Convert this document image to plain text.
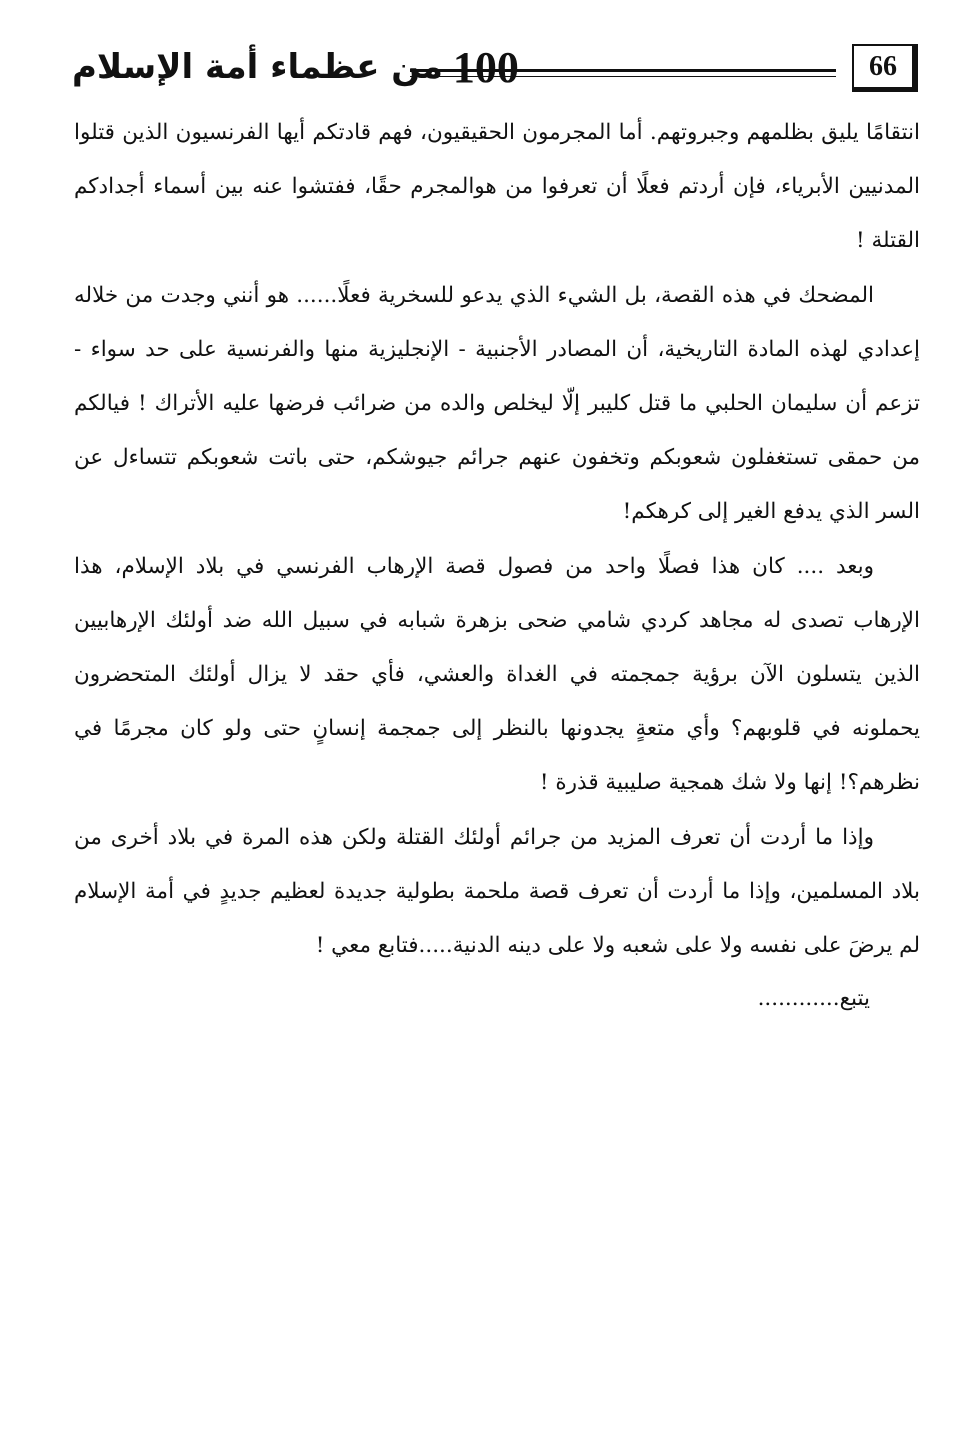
100
من عظماء أمة الإسلام	66

انتقامًا يليق بظلمهم وجبروتهم. أما المجرمون الحقيقيون، فهم قادتكم أيها الفرنسيون الذين قتلوا المدنيين الأبرياء، فإن أردتم فعلًا أن تعرفوا من هوالمجرم حقًا، ففتشوا عنه بين أسماء أجدادكم القتلة !

المضحك في هذه القصة، بل الشيء الذي يدعو للسخرية فعلًا...... هو أنني وجدت من خلاله إعدادي لهذه المادة التاريخية، أن المصادر الأجنبية - الإنجليزية منها والفرنسية على حد سواء - تزعم أن سليمان الحلبي ما قتل كليبر إلّا ليخلص والده من ضرائب فرضها عليه الأتراك ! فيالكم من حمقى تستغفلون شعوبكم وتخفون عنهم جرائم جيوشكم، حتى باتت شعوبكم تتساءل عن السر الذي يدفع الغير إلى كرهكم!

وبعد .... كان هذا فصلًا واحد من فصول قصة الإرهاب الفرنسي في بلاد الإسلام، هذا الإرهاب تصدى له مجاهد كردي شامي ضحى بزهرة شبابه في سبيل الله ضد أولئك الإرهابيين الذين يتسلون الآن برؤية جمجمته في الغداة والعشي، فأي حقد لا يزال أولئك المتحضرون يحملونه في قلوبهم؟ وأي متعةٍ يجدونها بالنظر إلى جمجمة إنسانٍ حتى ولو كان مجرمًا في نظرهم؟! إنها ولا شك همجية صليبية قذرة !

وإذا ما أردت أن تعرف المزيد من جرائم أولئك القتلة ولكن هذه المرة في بلاد أخرى من بلاد المسلمين، وإذا ما أردت أن تعرف قصة ملحمة بطولية جديدة لعظيم جديدٍ في أمة الإسلام لم يرضَ على نفسه ولا على شعبه ولا على دينه الدنية.....فتابع معي !

يتبع............
